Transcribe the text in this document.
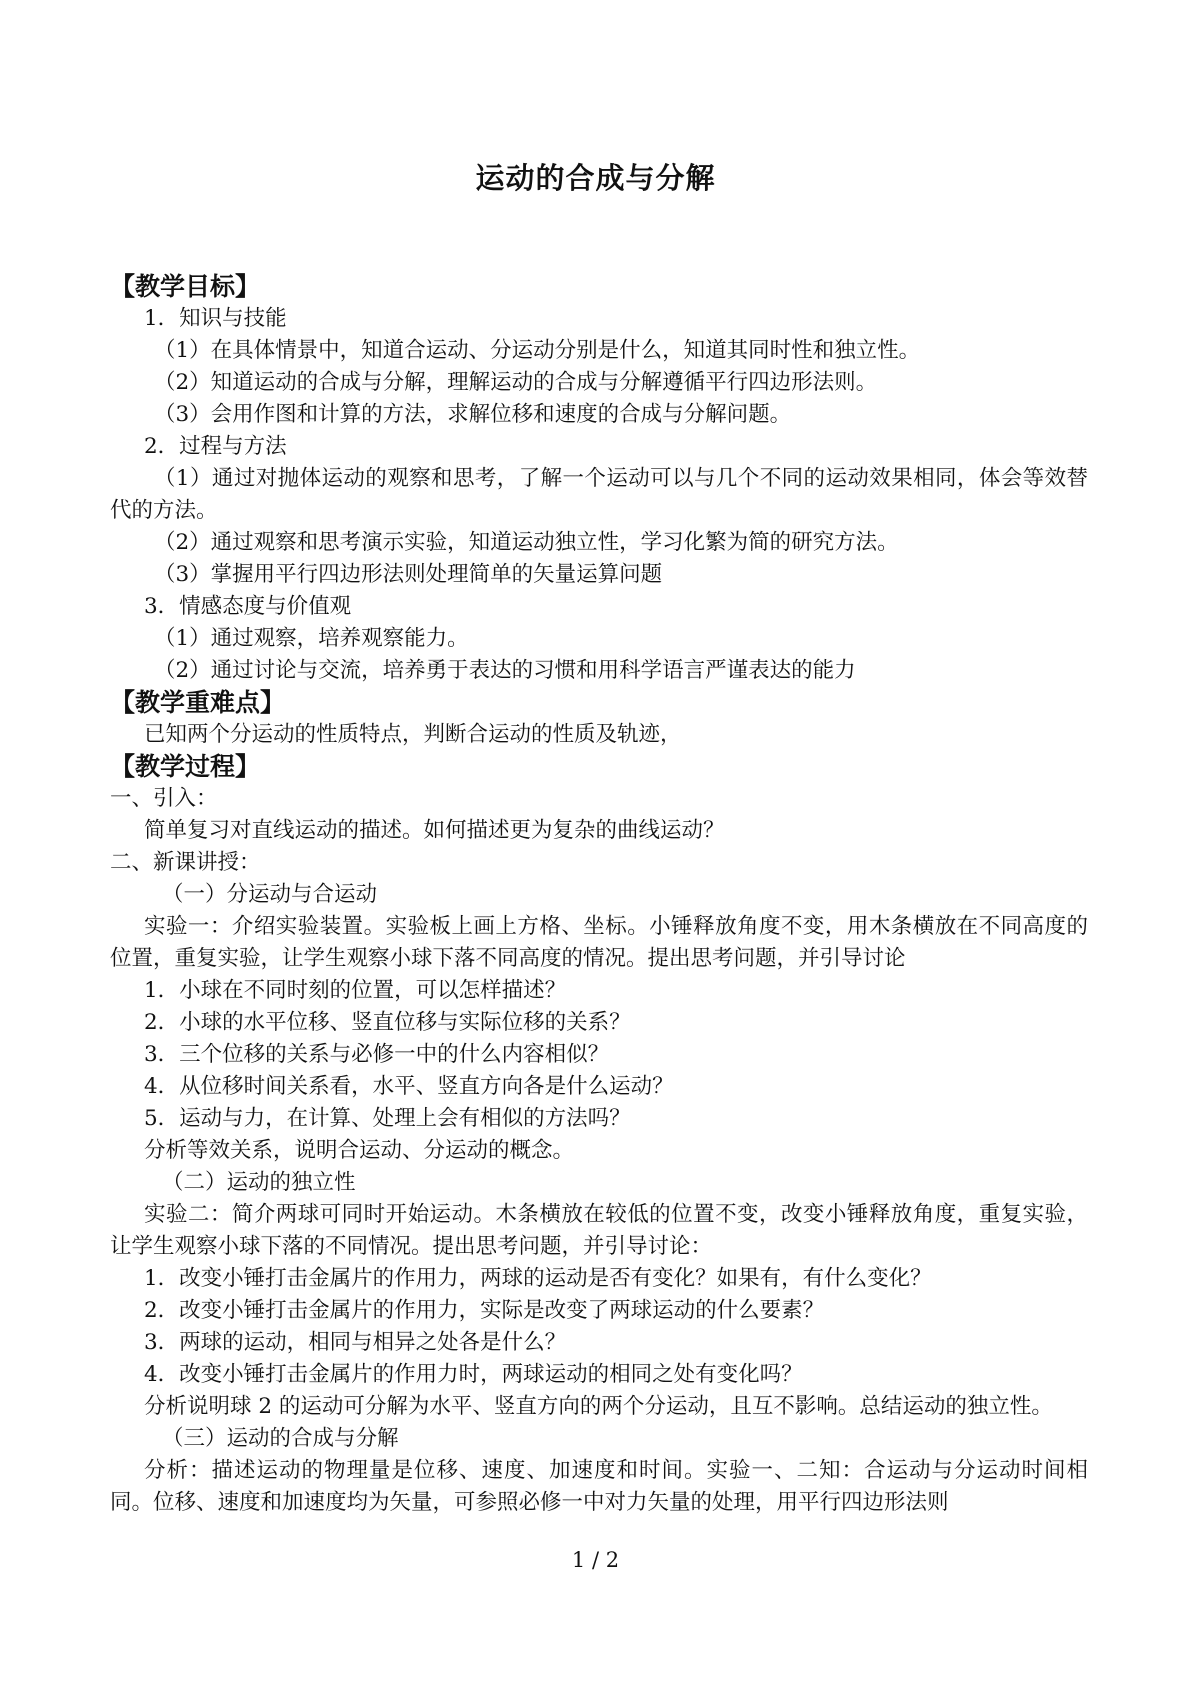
运动的合成与分解
【教学目标】
1．知识与技能
（1）在具体情景中，知道合运动、分运动分别是什么，知道其同时性和独立性。
（2）知道运动的合成与分解，理解运动的合成与分解遵循平行四边形法则。
（3）会用作图和计算的方法，求解位移和速度的合成与分解问题。
2．过程与方法
（1）通过对抛体运动的观察和思考，了解一个运动可以与几个不同的运动效果相同，体会等效替代的方法。
（2）通过观察和思考演示实验，知道运动独立性，学习化繁为简的研究方法。
（3）掌握用平行四边形法则处理简单的矢量运算问题
3．情感态度与价值观
（1）通过观察，培养观察能力。
（2）通过讨论与交流，培养勇于表达的习惯和用科学语言严谨表达的能力
【教学重难点】
已知两个分运动的性质特点，判断合运动的性质及轨迹，
【教学过程】
一、引入：
简单复习对直线运动的描述。如何描述更为复杂的曲线运动？
二、新课讲授：
（一）分运动与合运动
实验一：介绍实验装置。实验板上画上方格、坐标。小锤释放角度不变，用木条横放在不同高度的位置，重复实验，让学生观察小球下落不同高度的情况。提出思考问题，并引导讨论
1．小球在不同时刻的位置，可以怎样描述？
2．小球的水平位移、竖直位移与实际位移的关系？
3．三个位移的关系与必修一中的什么内容相似？
4．从位移时间关系看，水平、竖直方向各是什么运动？
5．运动与力，在计算、处理上会有相似的方法吗？
分析等效关系，说明合运动、分运动的概念。
（二）运动的独立性
实验二：简介两球可同时开始运动。木条横放在较低的位置不变，改变小锤释放角度，重复实验，让学生观察小球下落的不同情况。提出思考问题，并引导讨论：
1．改变小锤打击金属片的作用力，两球的运动是否有变化？如果有，有什么变化？
2．改变小锤打击金属片的作用力，实际是改变了两球运动的什么要素？
3．两球的运动，相同与相异之处各是什么？
4．改变小锤打击金属片的作用力时，两球运动的相同之处有变化吗？
分析说明球 2 的运动可分解为水平、竖直方向的两个分运动，且互不影响。总结运动的独立性。
（三）运动的合成与分解
分析：描述运动的物理量是位移、速度、加速度和时间。实验一、二知：合运动与分运动时间相同。位移、速度和加速度均为矢量，可参照必修一中对力矢量的处理，用平行四边形法则
1 / 2
